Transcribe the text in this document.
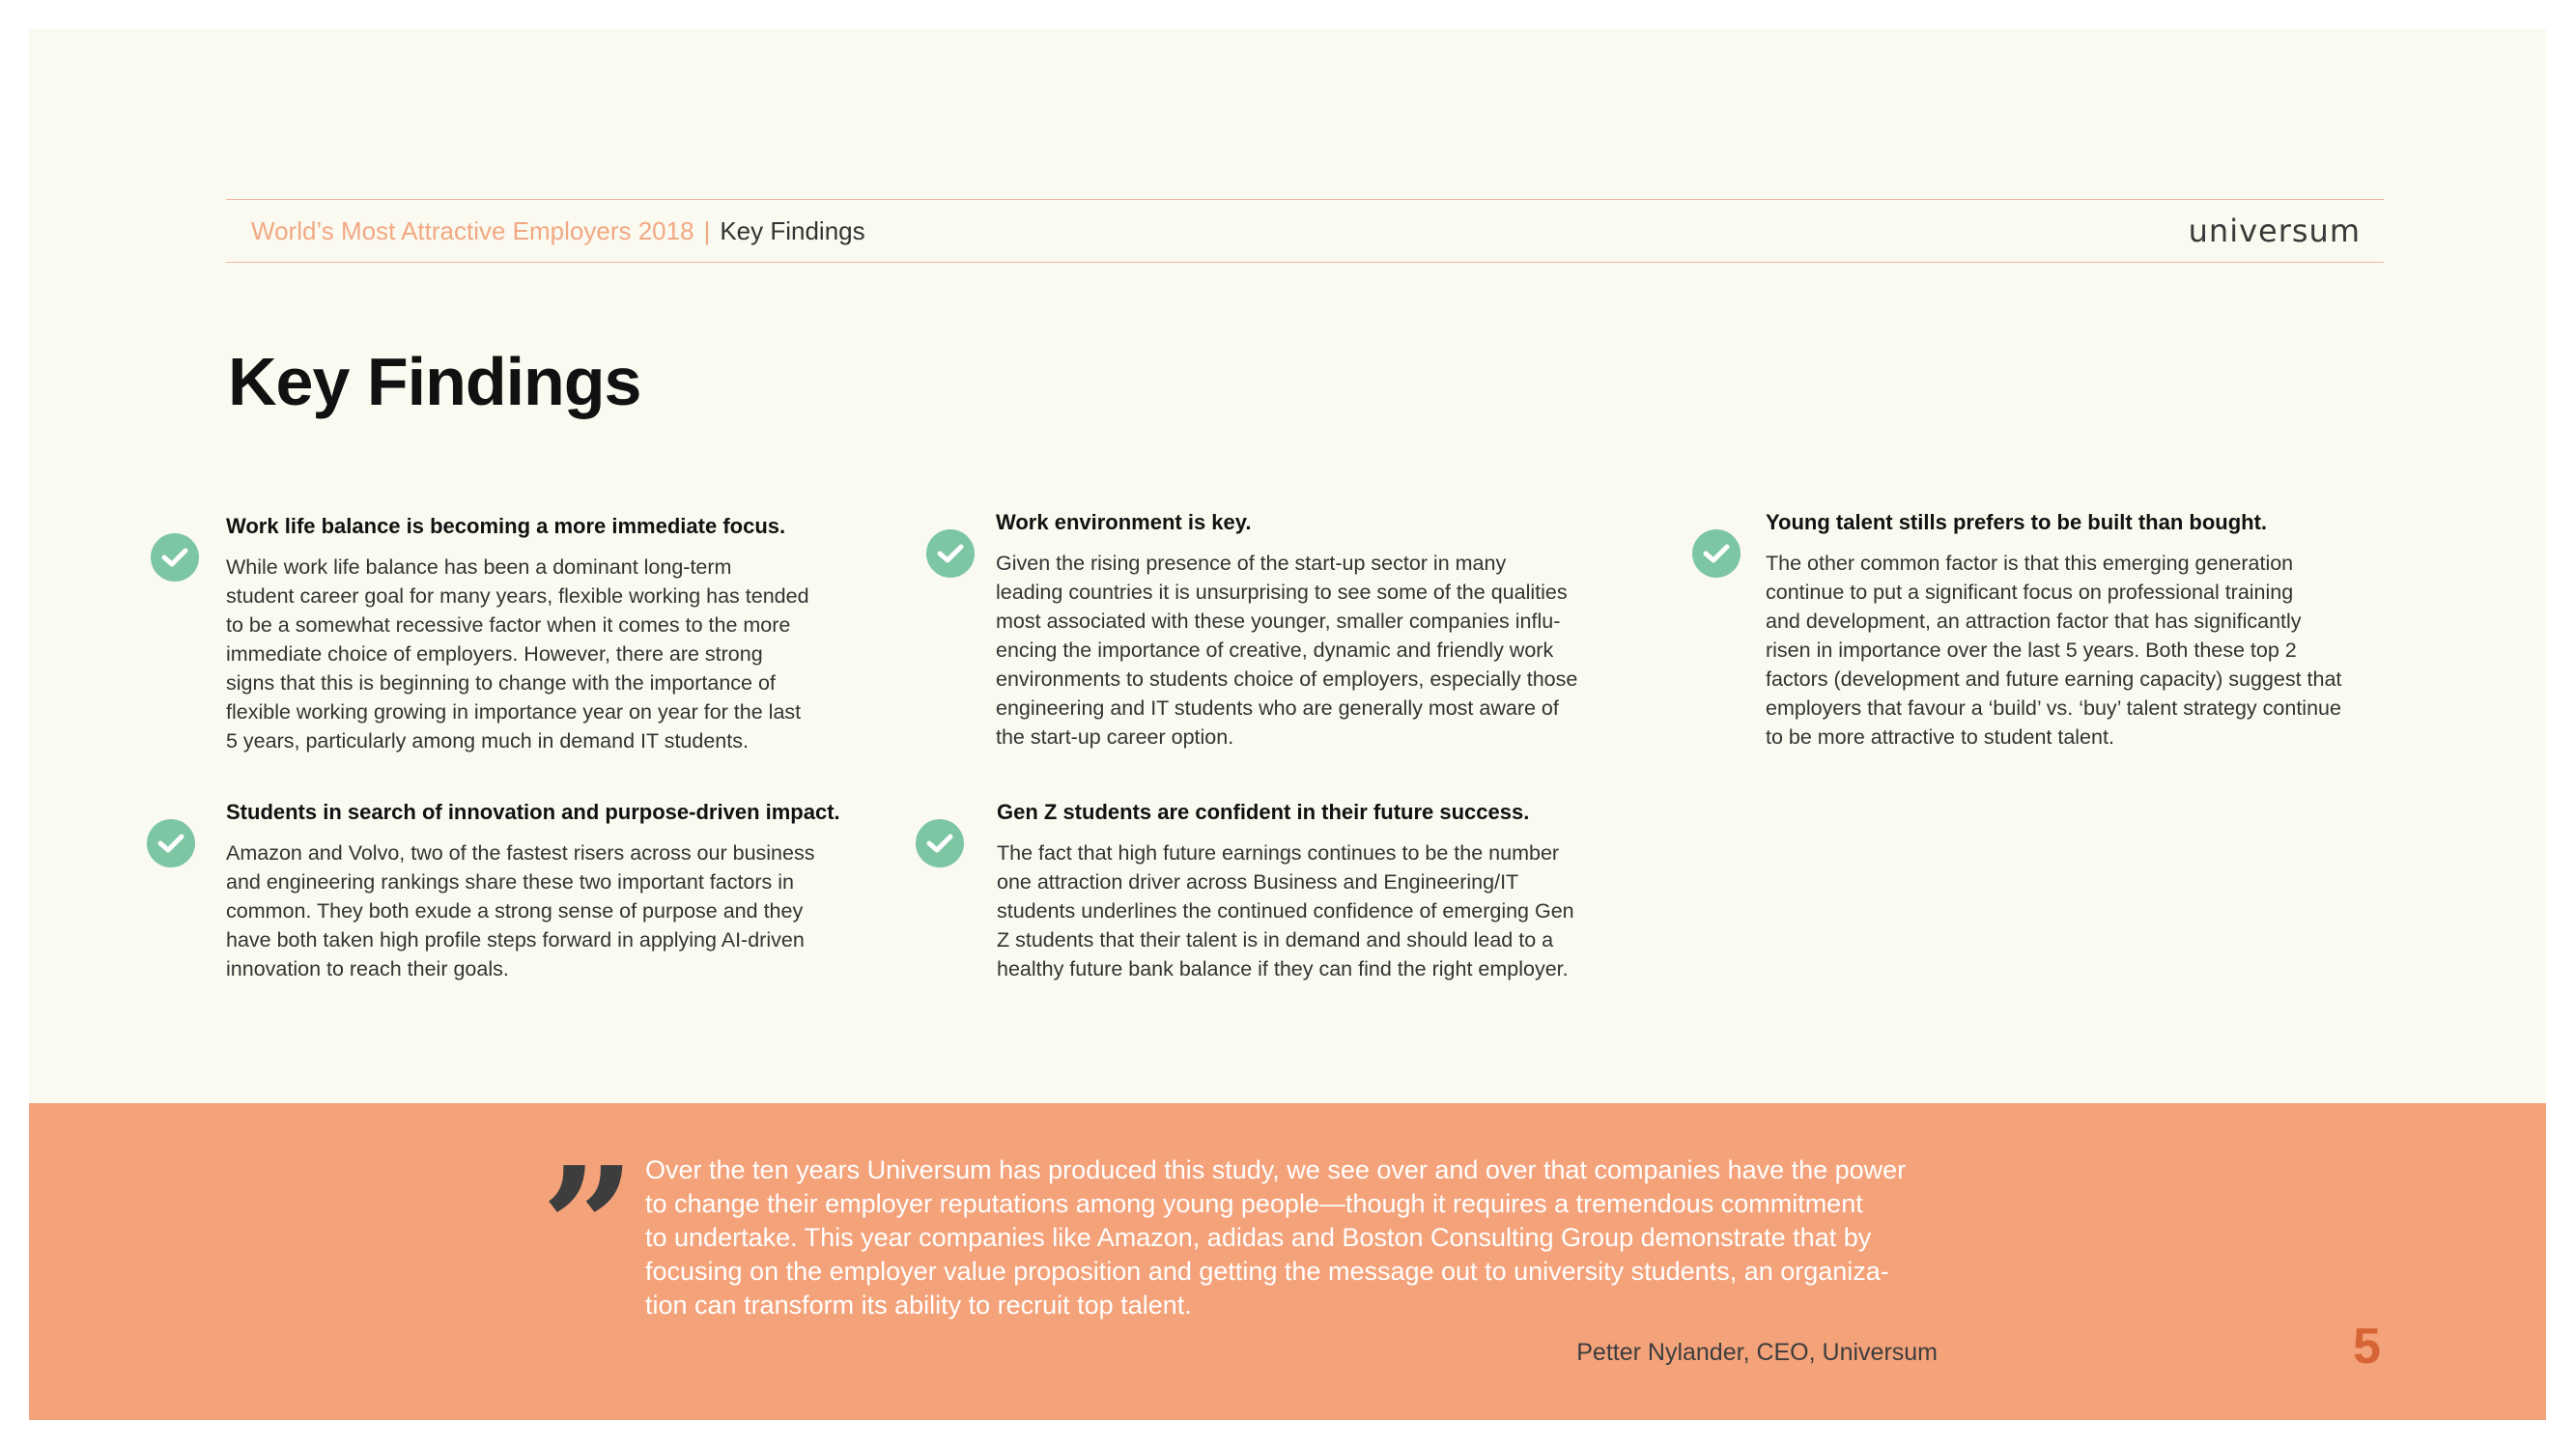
World’s Most Attractive Employers 2018 | Key Findings	universum
Key Findings

Work life balance is becoming a more immediate focus.

While work life balance has been a dominant long-term
student career goal for many years, flexible working has tended
to be a somewhat recessive factor when it comes to the more
immediate choice of employers. However, there are strong
signs that this is beginning to change with the importance of
flexible working growing in importance year on year for the last
5 years, particularly among much in demand IT students.

Work environment is key.

Given the rising presence of the start-up sector in many
leading countries it is unsurprising to see some of the qualities
most associated with these younger, smaller companies influ-
encing the importance of creative, dynamic and friendly work
environments to students choice of employers, especially those
engineering and IT students who are generally most aware of
the start-up career option.

Young talent stills prefers to be built than bought.

The other common factor is that this emerging generation
continue to put a significant focus on professional training
and development, an attraction factor that has significantly
risen in importance over the last 5 years. Both these top 2
factors (development and future earning capacity) suggest that
employers that favour a ‘build’ vs. ‘buy’ talent strategy continue
to be more attractive to student talent.

Students in search of innovation and purpose-driven impact.

Amazon and Volvo, two of the fastest risers across our business
and engineering rankings share these two important factors in
common. They both exude a strong sense of purpose and they
have both taken high profile steps forward in applying AI-driven
innovation to reach their goals.

Gen Z students are confident in their future success.

The fact that high future earnings continues to be the number
one attraction driver across Business and Engineering/IT
students underlines the continued confidence of emerging Gen
Z students that their talent is in demand and should lead to a
healthy future bank balance if they can find the right employer.

” Over the ten years Universum has produced this study, we see over and over that companies have the power
to change their employer reputations among young people—though it requires a tremendous commitment
to undertake. This year companies like Amazon, adidas and Boston Consulting Group demonstrate that by
focusing on the employer value proposition and getting the message out to university students, an organiza-
tion can transform its ability to recruit top talent.

Petter Nylander, CEO, Universum	5
